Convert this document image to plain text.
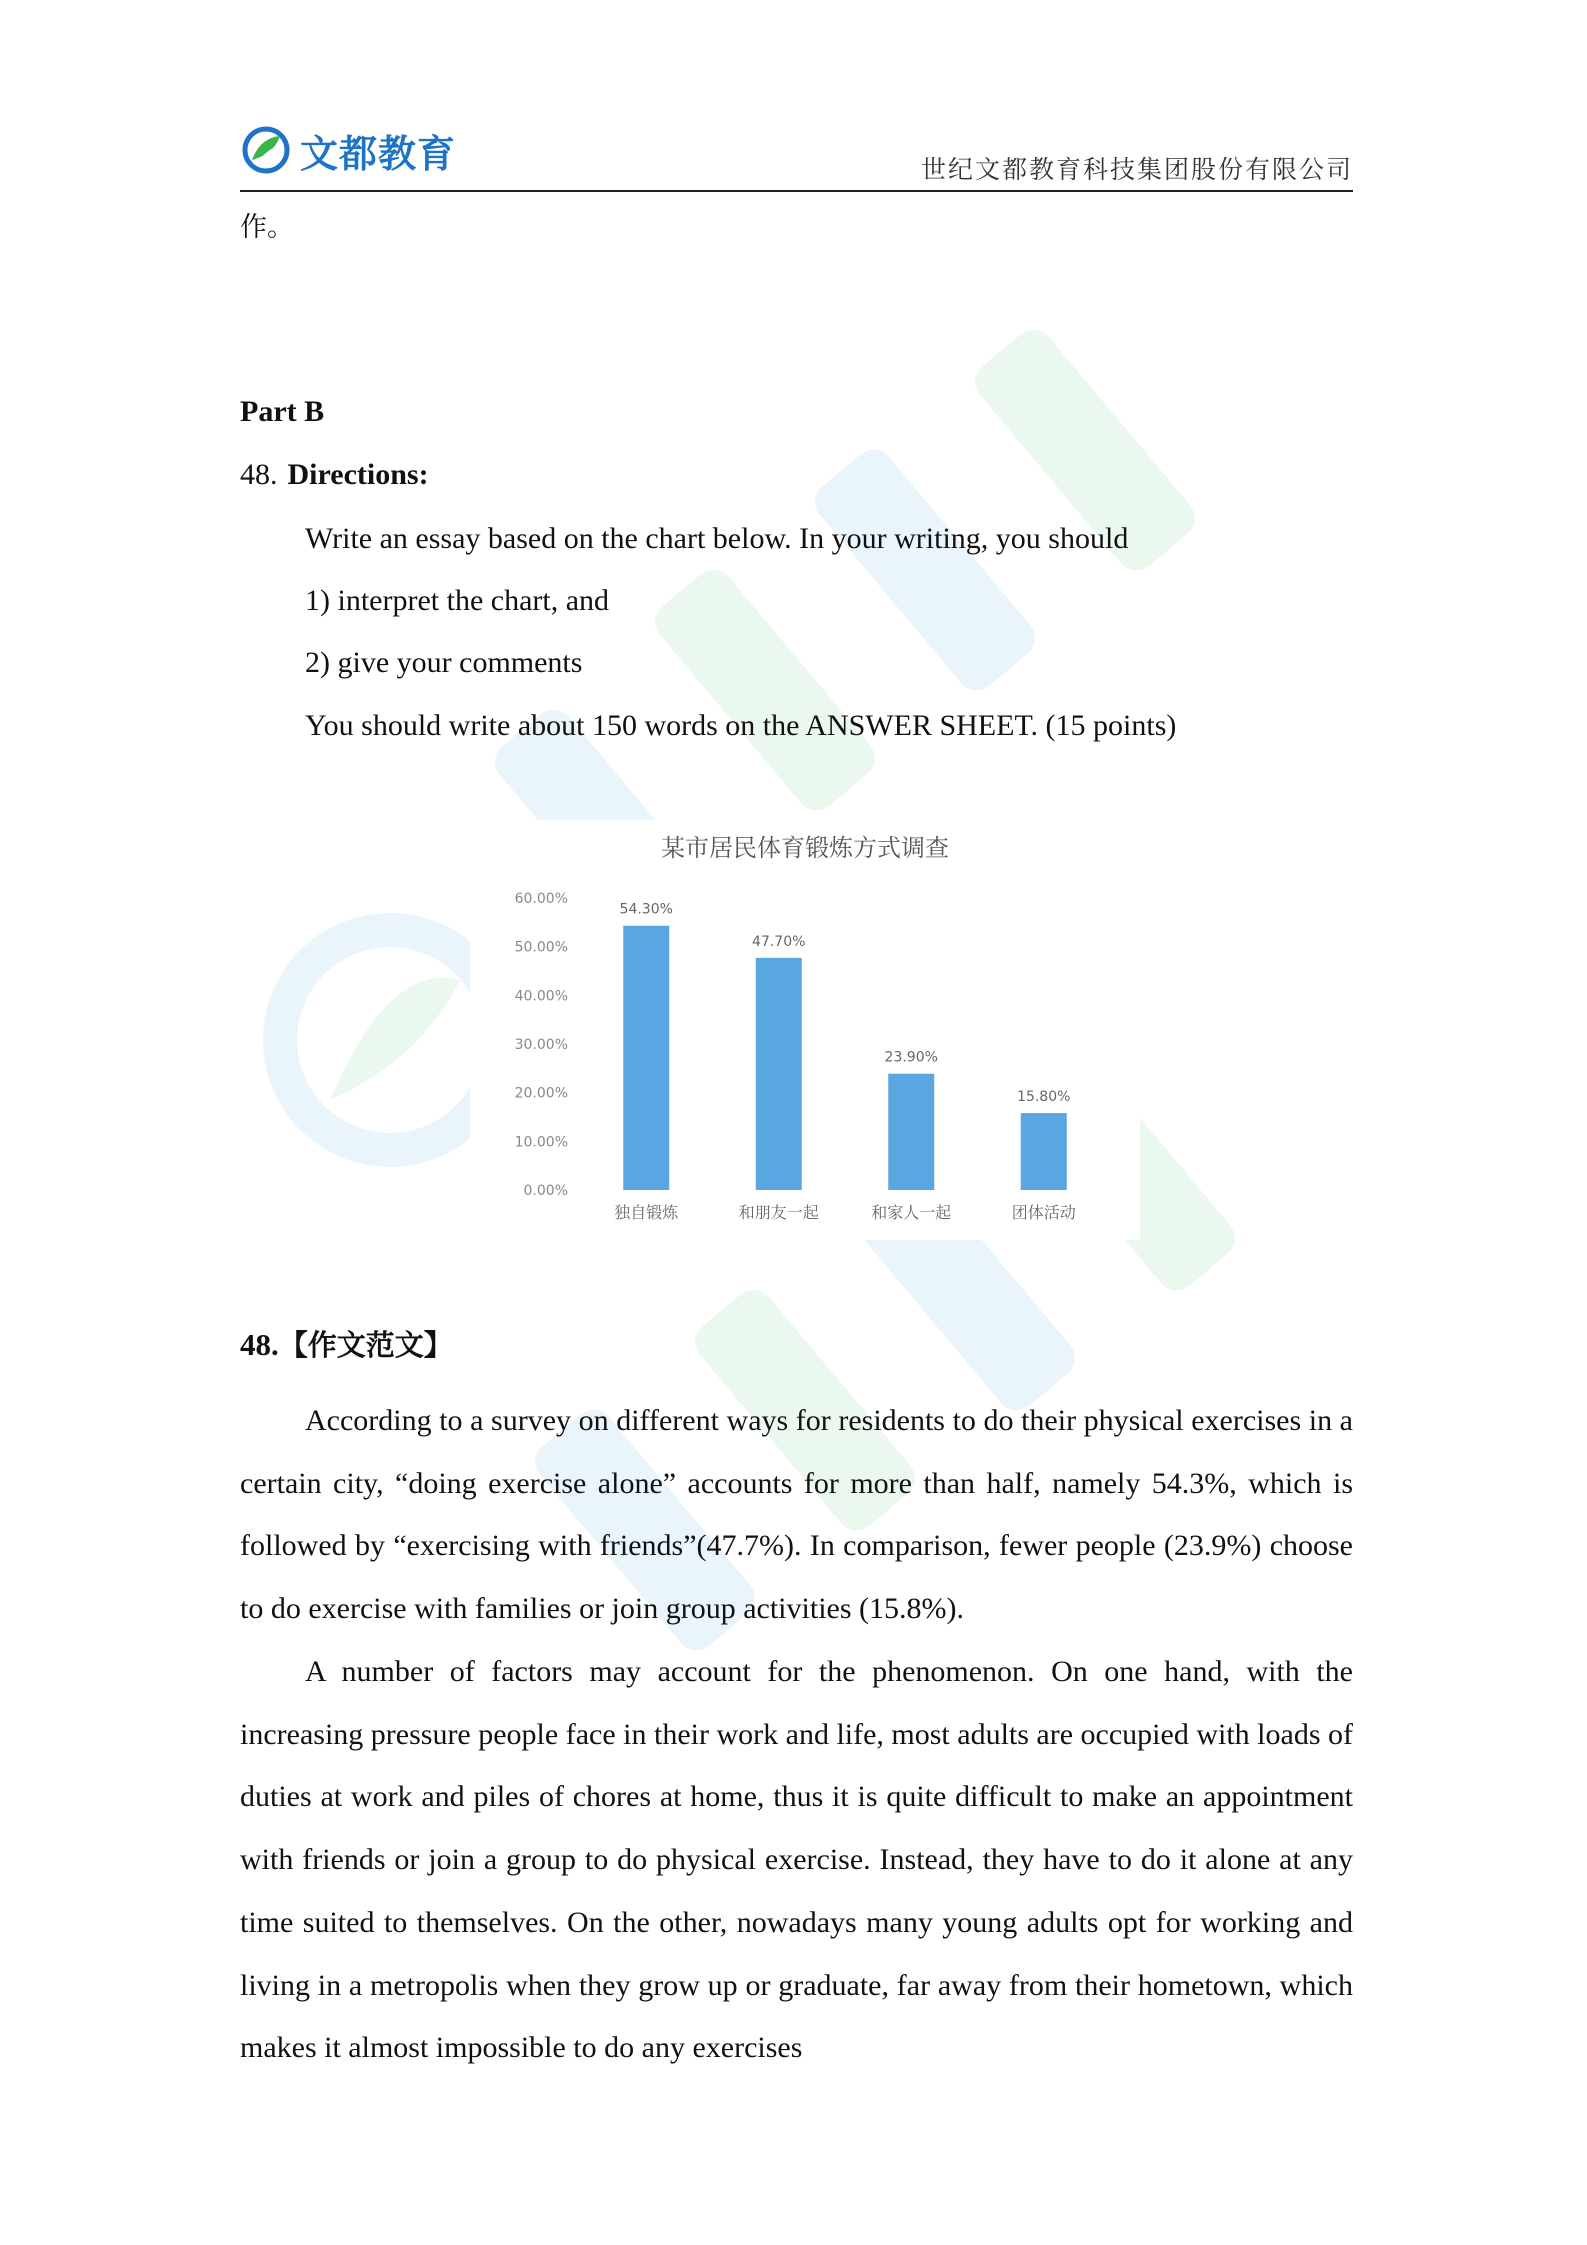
文都教育	世纪文都教育科技集团股份有限公司
作。
Part B
48. Directions:
Write an essay based on the chart below. In your writing, you should
1) interpret the chart, and
2) give your comments
You should write about 150 words on the ANSWER SHEET. (15 points)
某市居民体育锻炼方式调查
0.00%
10.00%
20.00%
30.00%
40.00%
50.00%
60.00%
54.30%
47.70%
23.90%
15.80%
独自锻炼	和朋友一起	和家人一起	团体活动
48.【作文范文】
According to a survey on different ways for residents to do their physical exercises in a certain city, “doing exercise alone” accounts for more than half, namely 54.3%, which is followed by “exercising with friends”(47.7%). In comparison, fewer people (23.9%) choose to do exercise with families or join group activities (15.8%).
A number of factors may account for the phenomenon. On one hand, with the increasing pressure people face in their work and life, most adults are occupied with loads of duties at work and piles of chores at home, thus it is quite difficult to make an appointment with friends or join a group to do physical exercise. Instead, they have to do it alone at any time suited to themselves. On the other, nowadays many young adults opt for working and living in a metropolis when they grow up or graduate, far away from their hometown, which makes it almost impossible to do any exercises
